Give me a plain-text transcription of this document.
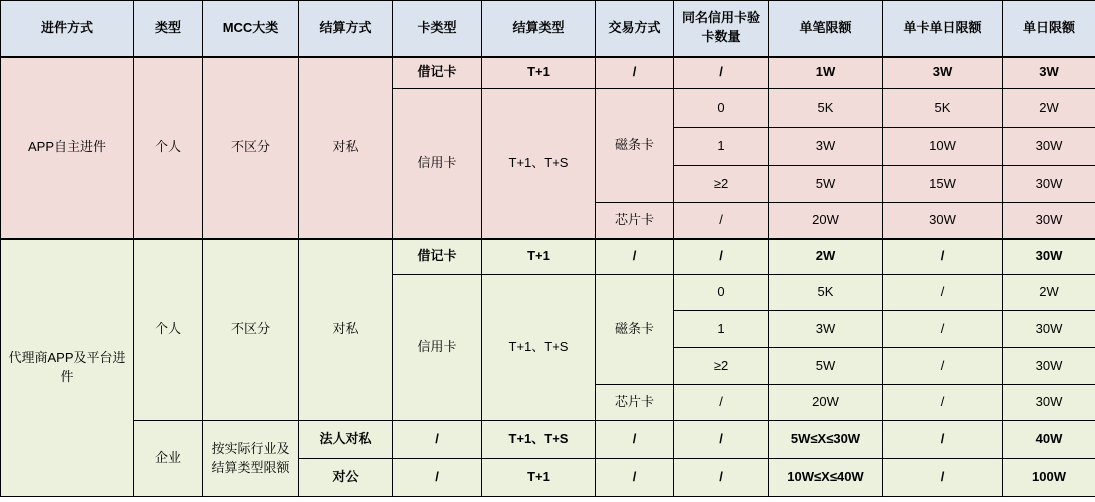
进件方式	类型	MCC大类	结算方式	卡类型	结算类型	交易方式	同名信用卡验卡数量	单笔限额	单卡单日限额	单日限额
APP自主进件	个人	不区分	对私	借记卡	T+1	/	/	1W	3W	3W
				信用卡	T+1、T+S	磁条卡	0	5K	5K	2W
							1	3W	10W	30W
							≥2	5W	15W	30W
						芯片卡	/	20W	30W	30W
代理商APP及平台进件	个人	不区分	对私	借记卡	T+1	/	/	2W	/	30W
				信用卡	T+1、T+S	磁条卡	0	5K	/	2W
							1	3W	/	30W
							≥2	5W	/	30W
						芯片卡	/	20W	/	30W
	企业	按实际行业及结算类型限额	法人对私	/	T+1、T+S	/	/	5W≤X≤30W	/	40W
			对公	/	T+1	/	/	10W≤X≤40W	/	100W
